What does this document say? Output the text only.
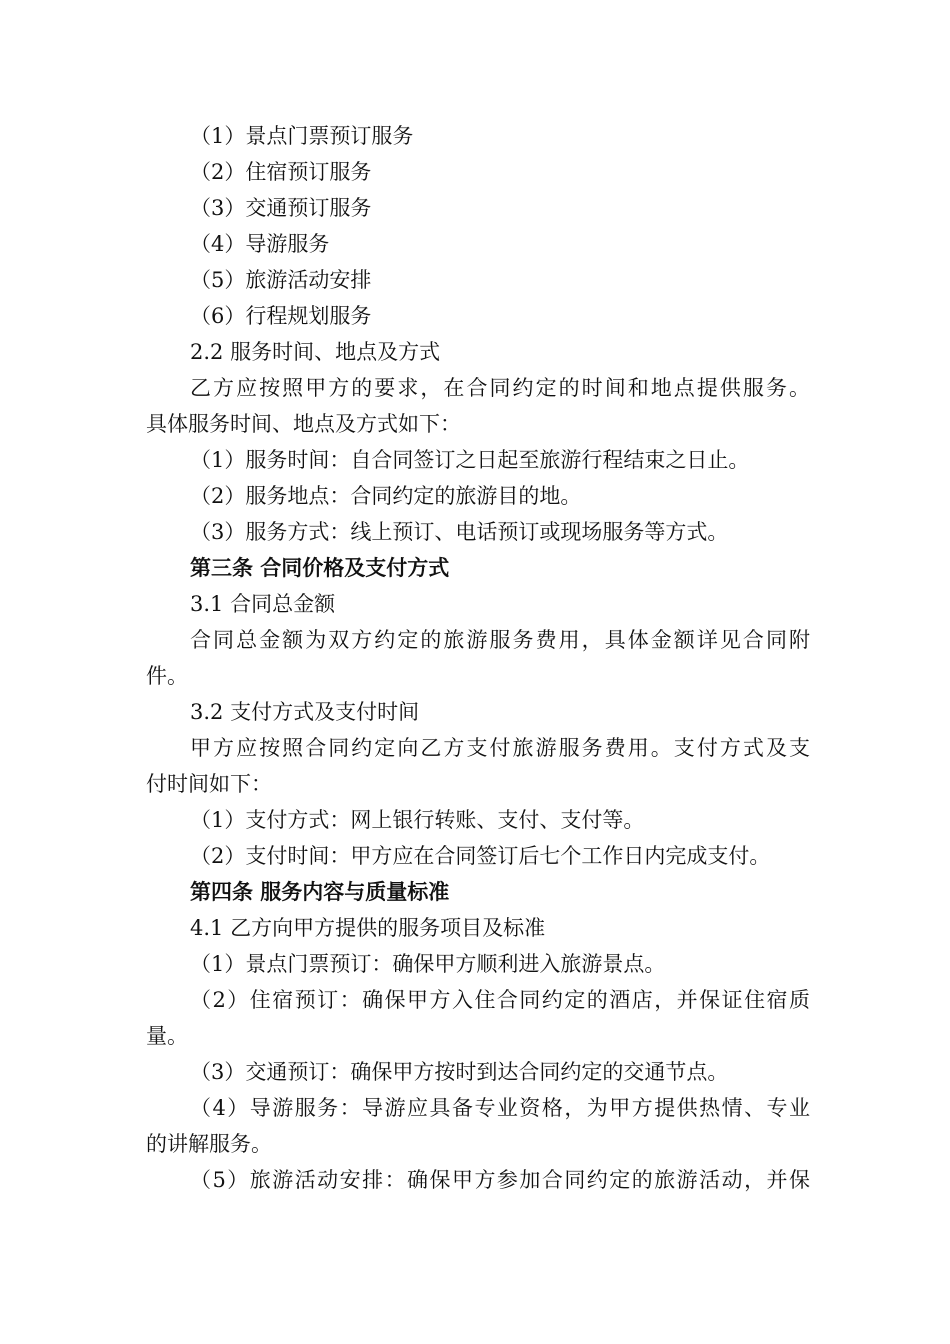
（1）景点门票预订服务
（2）住宿预订服务
（3）交通预订服务
（4）导游服务
（5）旅游活动安排
（6）行程规划服务
2.2 服务时间、地点及方式
乙方应按照甲方的要求，在合同约定的时间和地点提供服务。
具体服务时间、地点及方式如下：
（1）服务时间：自合同签订之日起至旅游行程结束之日止。
（2）服务地点：合同约定的旅游目的地。
（3）服务方式：线上预订、电话预订或现场服务等方式。
第三条 合同价格及支付方式
3.1 合同总金额
合同总金额为双方约定的旅游服务费用，具体金额详见合同附
件。
3.2 支付方式及支付时间
甲方应按照合同约定向乙方支付旅游服务费用。支付方式及支
付时间如下：
（1）支付方式：网上银行转账、支付、支付等。
（2）支付时间：甲方应在合同签订后七个工作日内完成支付。
第四条 服务内容与质量标准
4.1 乙方向甲方提供的服务项目及标准
（1）景点门票预订：确保甲方顺利进入旅游景点。
（2）住宿预订：确保甲方入住合同约定的酒店，并保证住宿质
量。
（3）交通预订：确保甲方按时到达合同约定的交通节点。
（4）导游服务：导游应具备专业资格，为甲方提供热情、专业
的讲解服务。
（5）旅游活动安排：确保甲方参加合同约定的旅游活动，并保
